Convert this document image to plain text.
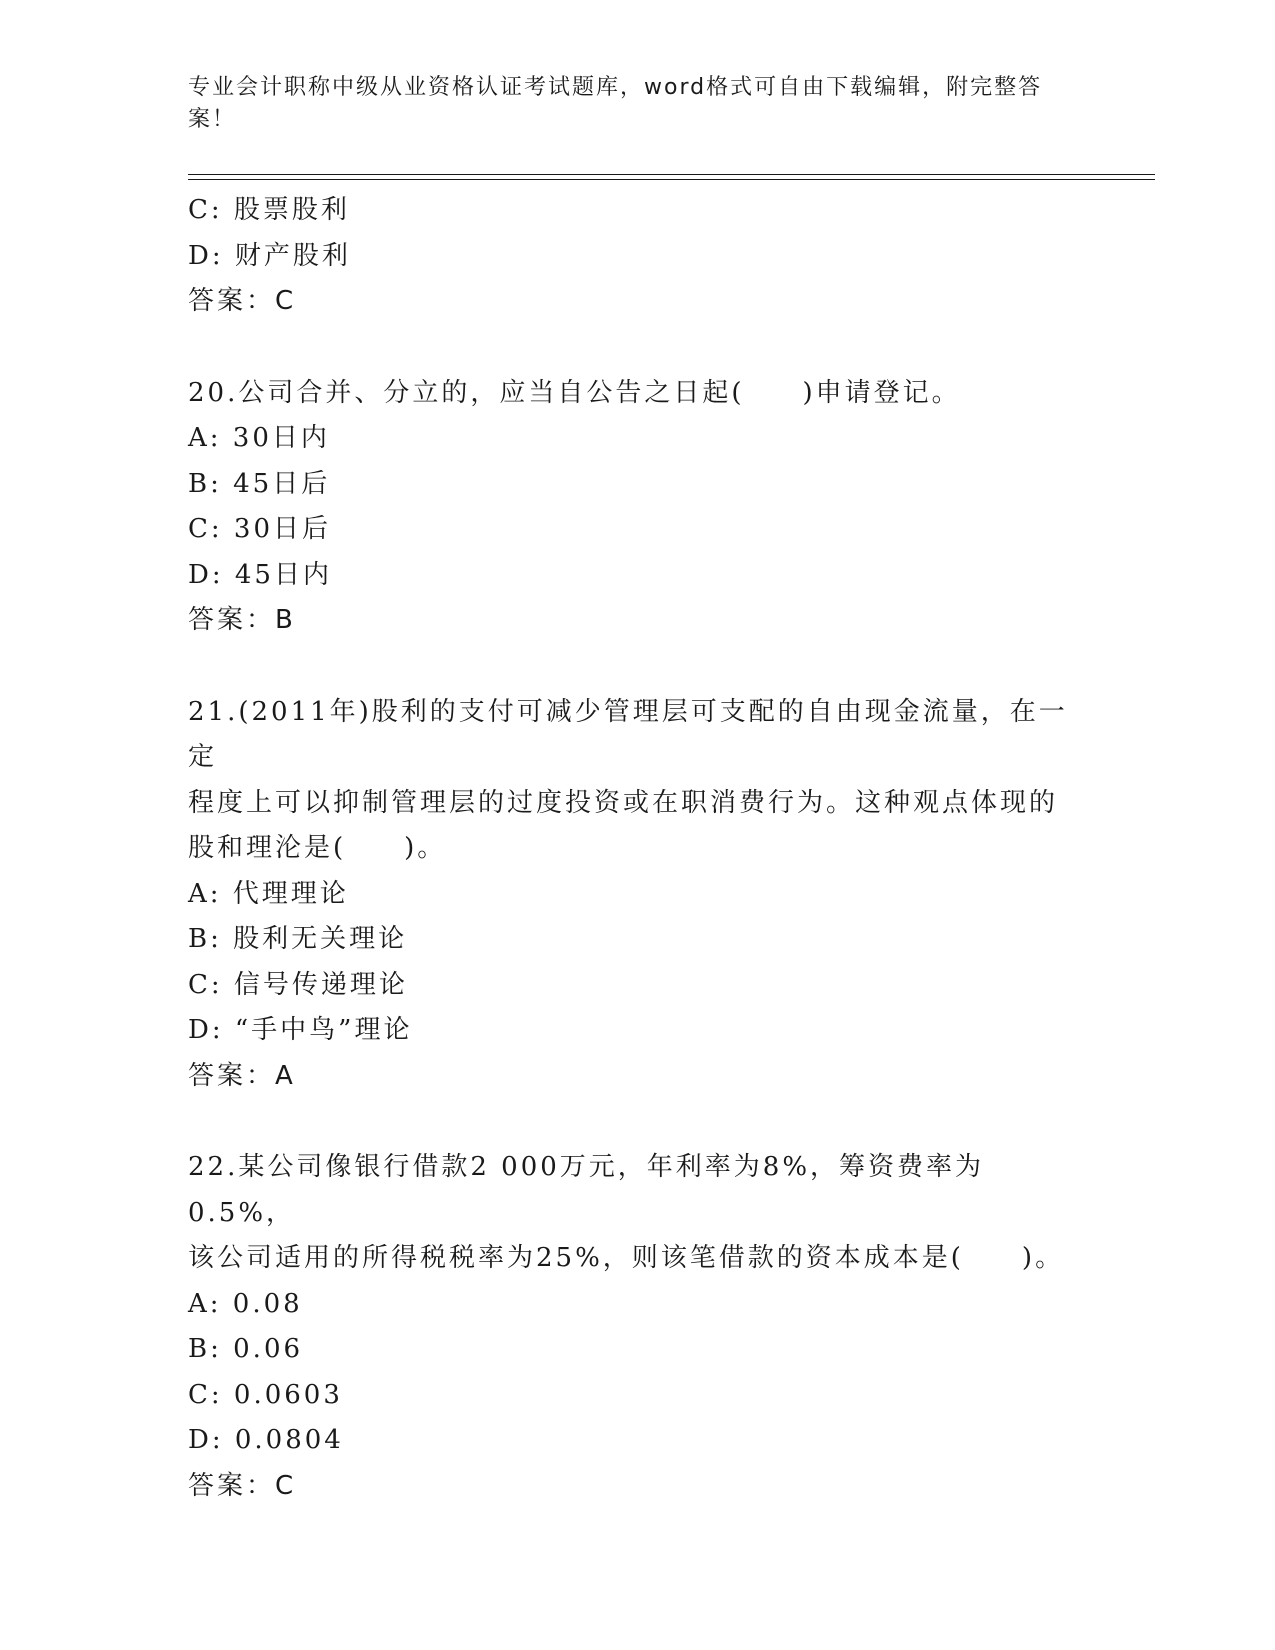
专业会计职称中级从业资格认证考试题库，word格式可自由下载编辑，附完整答
案！
C: 股票股利
D: 财产股利
答案：C
20.公司合并、分立的，应当自公告之日起(　　)申请登记。
A: 30日内
B: 45日后
C: 30日后
D: 45日内
答案：B
21.(2011年)股利的支付可减少管理层可支配的自由现金流量，在一定
程度上可以抑制管理层的过度投资或在职消费行为。这种观点体现的
股和理沦是(　　)。
A: 代理理论
B: 股利无关理论
C: 信号传递理论
D: “手中鸟”理论
答案：A
22.某公司像银行借款2 000万元，年利率为8%，筹资费率为0.5%，
该公司适用的所得税税率为25%，则该笔借款的资本成本是(　　)。
A: 0.08
B: 0.06
C: 0.0603
D: 0.0804
答案：C
